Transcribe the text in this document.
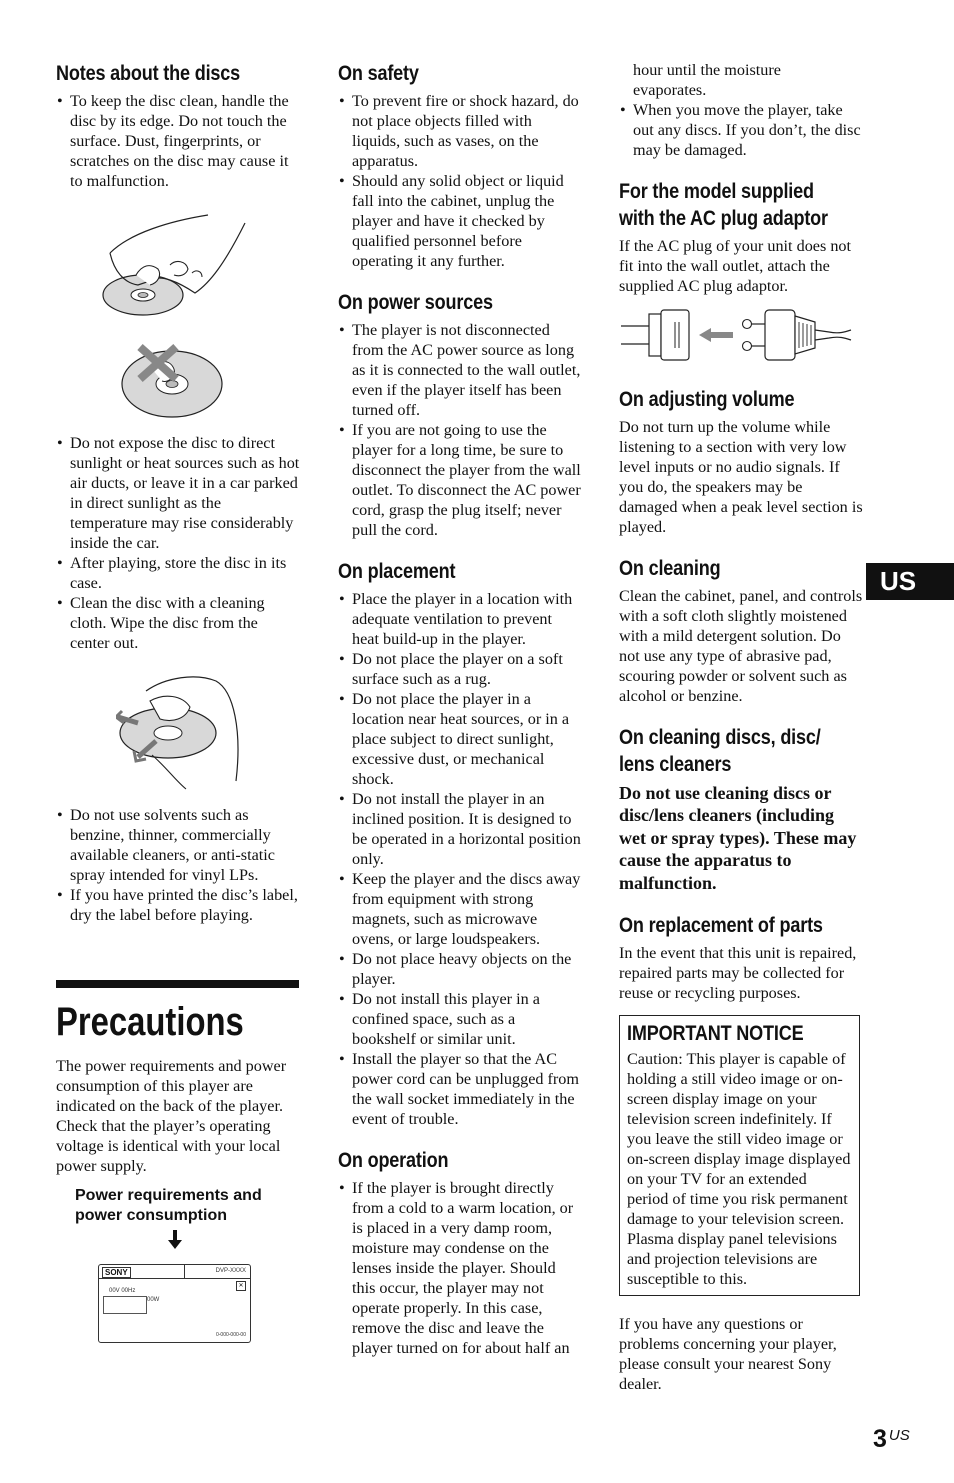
Notes about the discs
• To keep the disc clean, handle the disc by its edge. Do not touch the surface. Dust, fingerprints, or scratches on the disc may cause it to malfunction.
• Do not expose the disc to direct sunlight or heat sources such as hot air ducts, or leave it in a car parked in direct sunlight as the temperature may rise considerably inside the car.
• After playing, store the disc in its case.
• Clean the disc with a cleaning cloth. Wipe the disc from the center out.
• Do not use solvents such as benzine, thinner, commercially available cleaners, or anti-static spray intended for vinyl LPs.
• If you have printed the disc’s label, dry the label before playing.
Precautions

The power requirements and power consumption of this player are indicated on the back of the player. Check that the player’s operating voltage is identical with your local power supply.

Power requirements and power consumption
SONY	DVP-XXXX
✕
00V 00Hz
00W
0-000-000-00
On safety
• To prevent fire or shock hazard, do not place objects filled with liquids, such as vases, on the apparatus.
• Should any solid object or liquid fall into the cabinet, unplug the player and have it checked by qualified personnel before operating it any further.
On power sources
• The player is not disconnected from the AC power source as long as it is connected to the wall outlet, even if the player itself has been turned off.
• If you are not going to use the player for a long time, be sure to disconnect the player from the wall outlet. To disconnect the AC power cord, grasp the plug itself; never pull the cord.
On placement
• Place the player in a location with adequate ventilation to prevent heat build-up in the player.
• Do not place the player on a soft surface such as a rug.
• Do not place the player in a location near heat sources, or in a place subject to direct sunlight, excessive dust, or mechanical shock.
• Do not install the player in an inclined position. It is designed to be operated in a horizontal position only.
• Keep the player and the discs away from equipment with strong magnets, such as microwave ovens, or large loudspeakers.
• Do not place heavy objects on the player.
• Do not install this player in a confined space, such as a bookshelf or similar unit.
• Install the player so that the AC power cord can be unplugged from the wall socket immediately in the event of trouble.
On operation
• If the player is brought directly from a cold to a warm location, or is placed in a very damp room, moisture may condense on the lenses inside the player. Should this occur, the player may not operate properly. In this case, remove the disc and leave the player turned on for about half an

hour until the moisture evaporates.

• When you move the player, take out any discs. If you don’t, the disc may be damaged.
For the model supplied
with the AC plug adaptor

If the AC plug of your unit does not fit into the wall outlet, attach the supplied AC plug adaptor.

On adjusting volume

Do not turn up the volume while listening to a section with very low level inputs or no audio signals. If you do, the speakers may be damaged when a peak level section is played.

On cleaning

Clean the cabinet, panel, and controls with a soft cloth slightly moistened with a mild detergent solution. Do not use any type of abrasive pad, scouring powder or solvent such as alcohol or benzine.

On cleaning discs, disc/
lens cleaners

Do not use cleaning discs or disc/lens cleaners (including wet or spray types). These may cause the apparatus to malfunction.

On replacement of parts

In the event that this unit is repaired, repaired parts may be collected for reuse or recycling purposes.

IMPORTANT NOTICE

Caution: This player is capable of holding a still video image or on-screen display image on your television screen indefinitely. If you leave the still video image or on-screen display image displayed on your TV for an extended period of time you risk permanent damage to your television screen. Plasma display panel televisions and projection televisions are susceptible to this.

If you have any questions or problems concerning your player, please consult your nearest Sony dealer.

US
3 $^{US}$
